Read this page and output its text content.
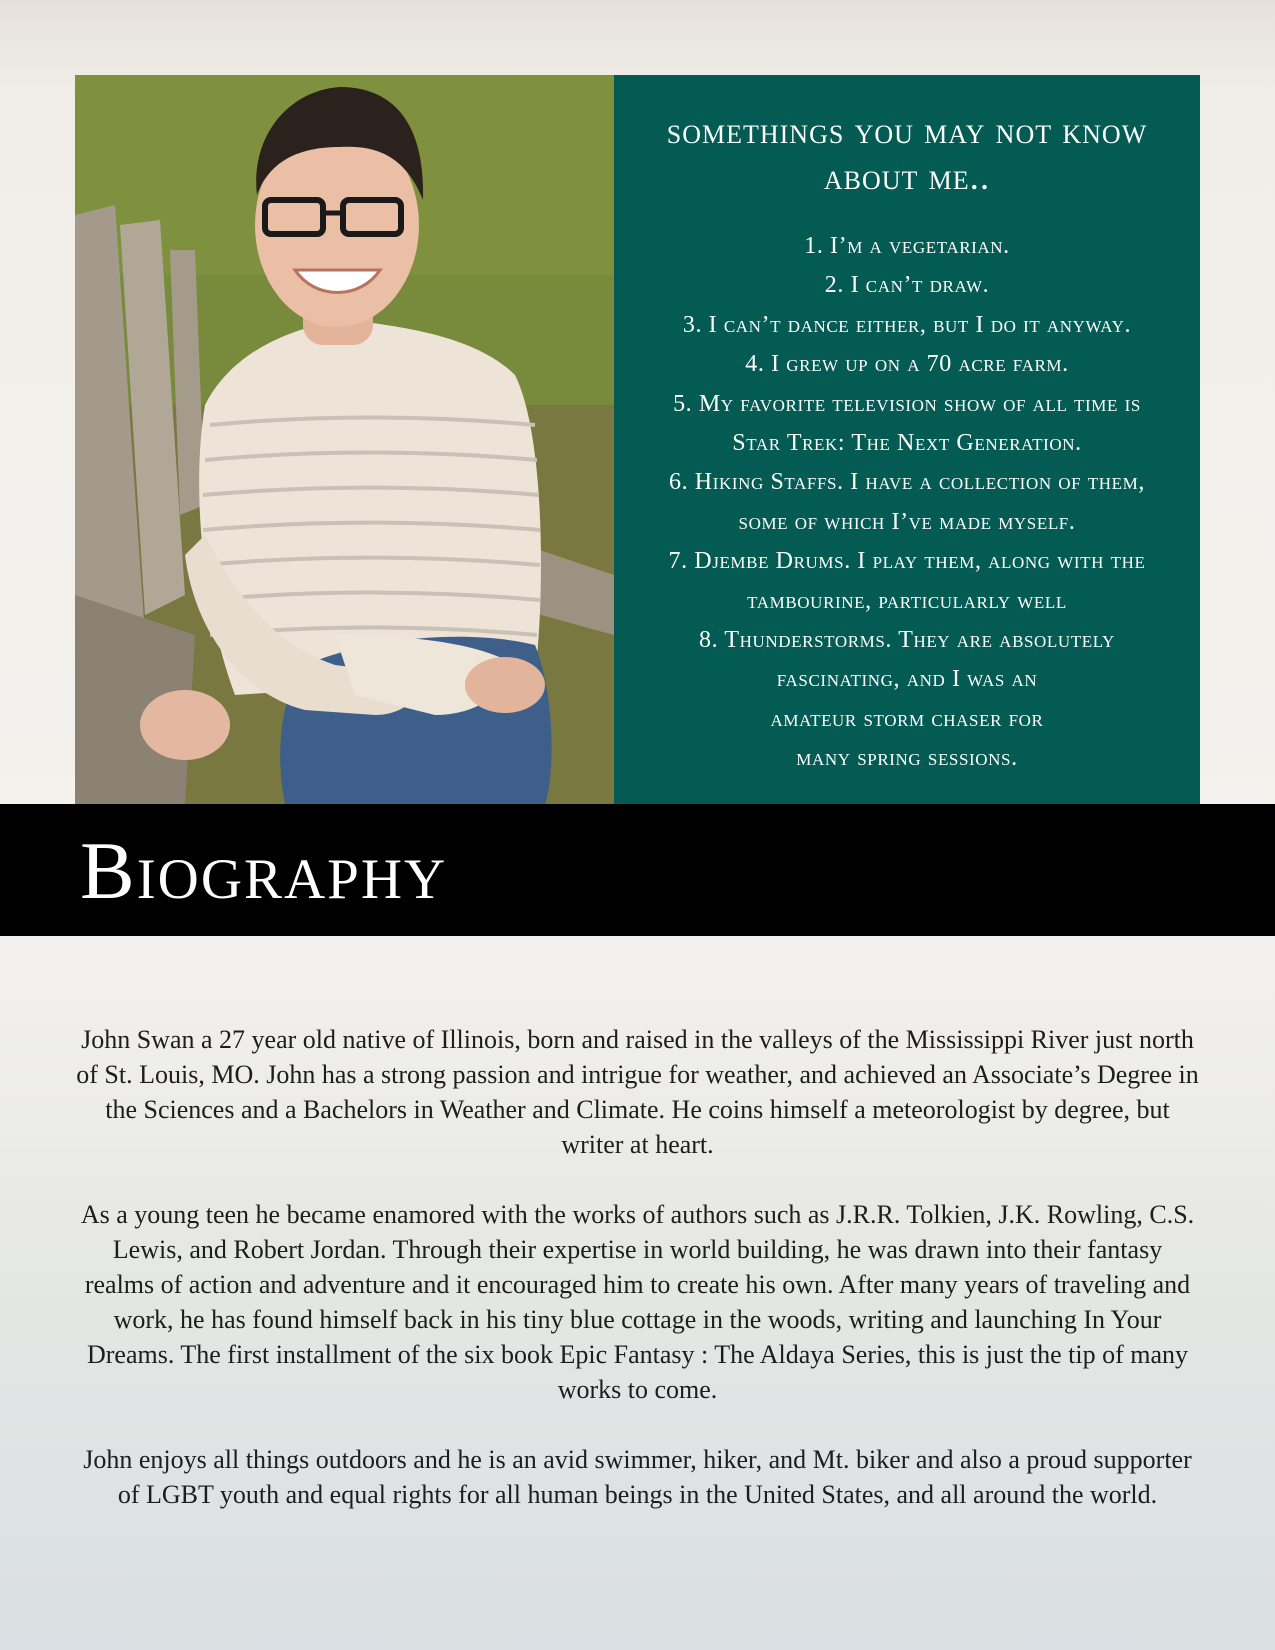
somethings you may not know about me..
1. I’m a vegetarian.
2. I can’t draw.
3. I can’t dance either, but I do it anyway.
4. I grew up on a 70 acre farm.
5. My favorite television show of all time is
Star Trek: The Next Generation.
6. Hiking Staffs. I have a collection of them,
some of which I’ve made myself.
7. Djembe Drums. I play them, along with the
tambourine, particularly well
8. Thunderstorms. They are absolutely
fascinating, and I was an
amateur storm chaser for
many spring sessions.
Biography

John Swan a 27 year old native of Illinois, born and raised in the valleys of the Mississippi River just north of St. Louis, MO. John has a strong passion and intrigue for weather, and achieved an Associate’s Degree in the Sciences and a Bachelors in Weather and Climate. He coins himself a meteorologist by degree, but writer at heart.

As a young teen he became enamored with the works of authors such as J.R.R. Tolkien, J.K. Rowling, C.S. Lewis, and Robert Jordan. Through their expertise in world building, he was drawn into their fantasy realms of action and adventure and it encouraged him to create his own. After many years of traveling and work, he has found himself back in his tiny blue cottage in the woods, writing and launching In Your Dreams. The first installment of the six book Epic Fantasy : The Aldaya Series, this is just the tip of many works to come.

John enjoys all things outdoors and he is an avid swimmer, hiker, and Mt. biker and also a proud supporter of LGBT youth and equal rights for all human beings in the United States, and all around the world.
